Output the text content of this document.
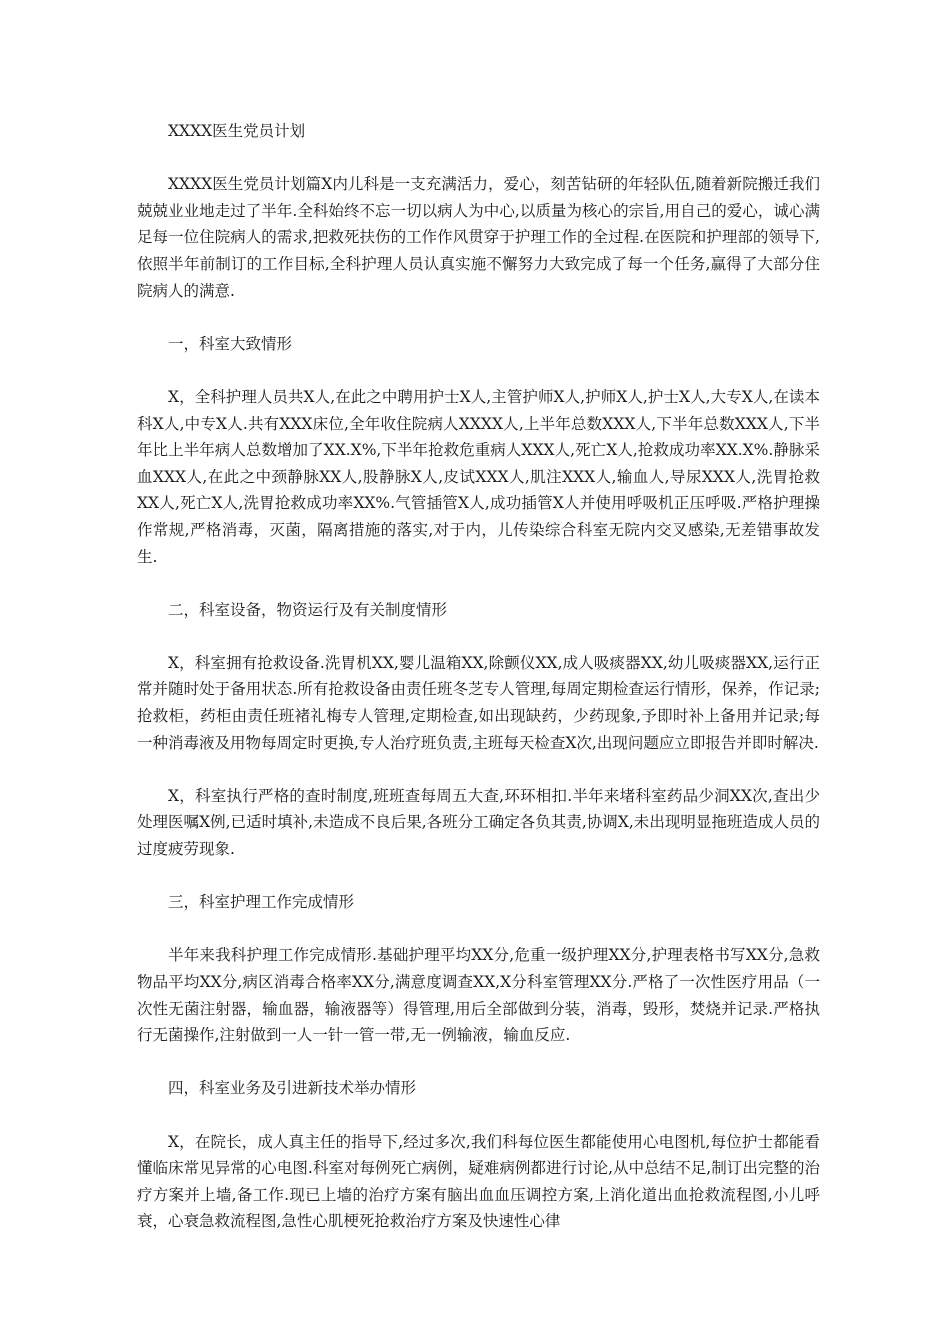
XXXX医生党员计划

XXXX医生党员计划篇X内儿科是一支充满活力，爱心，刻苦钻研的年轻队伍,随着新院搬迁我们兢兢业业地走过了半年.全科始终不忘一切以病人为中心,以质量为核心的宗旨,用自己的爱心，诚心满足每一位住院病人的需求,把救死扶伤的工作作风贯穿于护理工作的全过程.在医院和护理部的领导下,依照半年前制订的工作目标,全科护理人员认真实施不懈努力大致完成了每一个任务,赢得了大部分住院病人的满意.

一，科室大致情形

X，全科护理人员共X人,在此之中聘用护士X人,主管护师X人,护师X人,护士X人,大专X人,在读本科X人,中专X人.共有XXX床位,全年收住院病人XXXX人,上半年总数XXX人,下半年总数XXX人,下半年比上半年病人总数增加了XX.X%,下半年抢救危重病人XXX人,死亡X人,抢救成功率XX.X%.静脉采血XXX人,在此之中颈静脉XX人,股静脉X人,皮试XXX人,肌注XXX人,输血人,导尿XXX人,洗胃抢救XX人,死亡X人,洗胃抢救成功率XX%.气管插管X人,成功插管X人并使用呼吸机正压呼吸.严格护理操作常规,严格消毒，灭菌，隔离措施的落实,对于内，儿传染综合科室无院内交叉感染,无差错事故发生.

二，科室设备，物资运行及有关制度情形

X，科室拥有抢救设备.洗胃机XX,婴儿温箱XX,除颤仪XX,成人吸痰器XX,幼儿吸痰器XX,运行正常并随时处于备用状态.所有抢救设备由责任班冬芝专人管理,每周定期检查运行情形，保养，作记录;抢救柜，药柜由责任班褚礼梅专人管理,定期检查,如出现缺药，少药现象,予即时补上备用并记录;每一种消毒液及用物每周定时更换,专人治疗班负责,主班每天检查X次,出现问题应立即报告并即时解决.

X，科室执行严格的查时制度,班班查每周五大查,环环相扣.半年来堵科室药品少洞XX次,查出少处理医嘱X例,已适时填补,未造成不良后果,各班分工确定各负其责,协调X,未出现明显拖班造成人员的过度疲劳现象.

三，科室护理工作完成情形

半年来我科护理工作完成情形.基础护理平均XX分,危重一级护理XX分,护理表格书写XX分,急救物品平均XX分,病区消毒合格率XX分,满意度调查XX,X分科室管理XX分.严格了一次性医疗用品（一次性无菌注射器，输血器，输液器等）得管理,用后全部做到分装，消毒，毁形，焚烧并记录.严格执行无菌操作,注射做到一人一针一管一带,无一例输液，输血反应.

四，科室业务及引进新技术举办情形

X，在院长，成人真主任的指导下,经过多次,我们科每位医生都能使用心电图机,每位护士都能看懂临床常见异常的心电图.科室对每例死亡病例，疑难病例都进行讨论,从中总结不足,制订出完整的治疗方案并上墙,备工作.现已上墙的治疗方案有脑出血血压调控方案,上消化道出血抢救流程图,小儿呼衰，心衰急救流程图,急性心肌梗死抢救治疗方案及快速性心律
